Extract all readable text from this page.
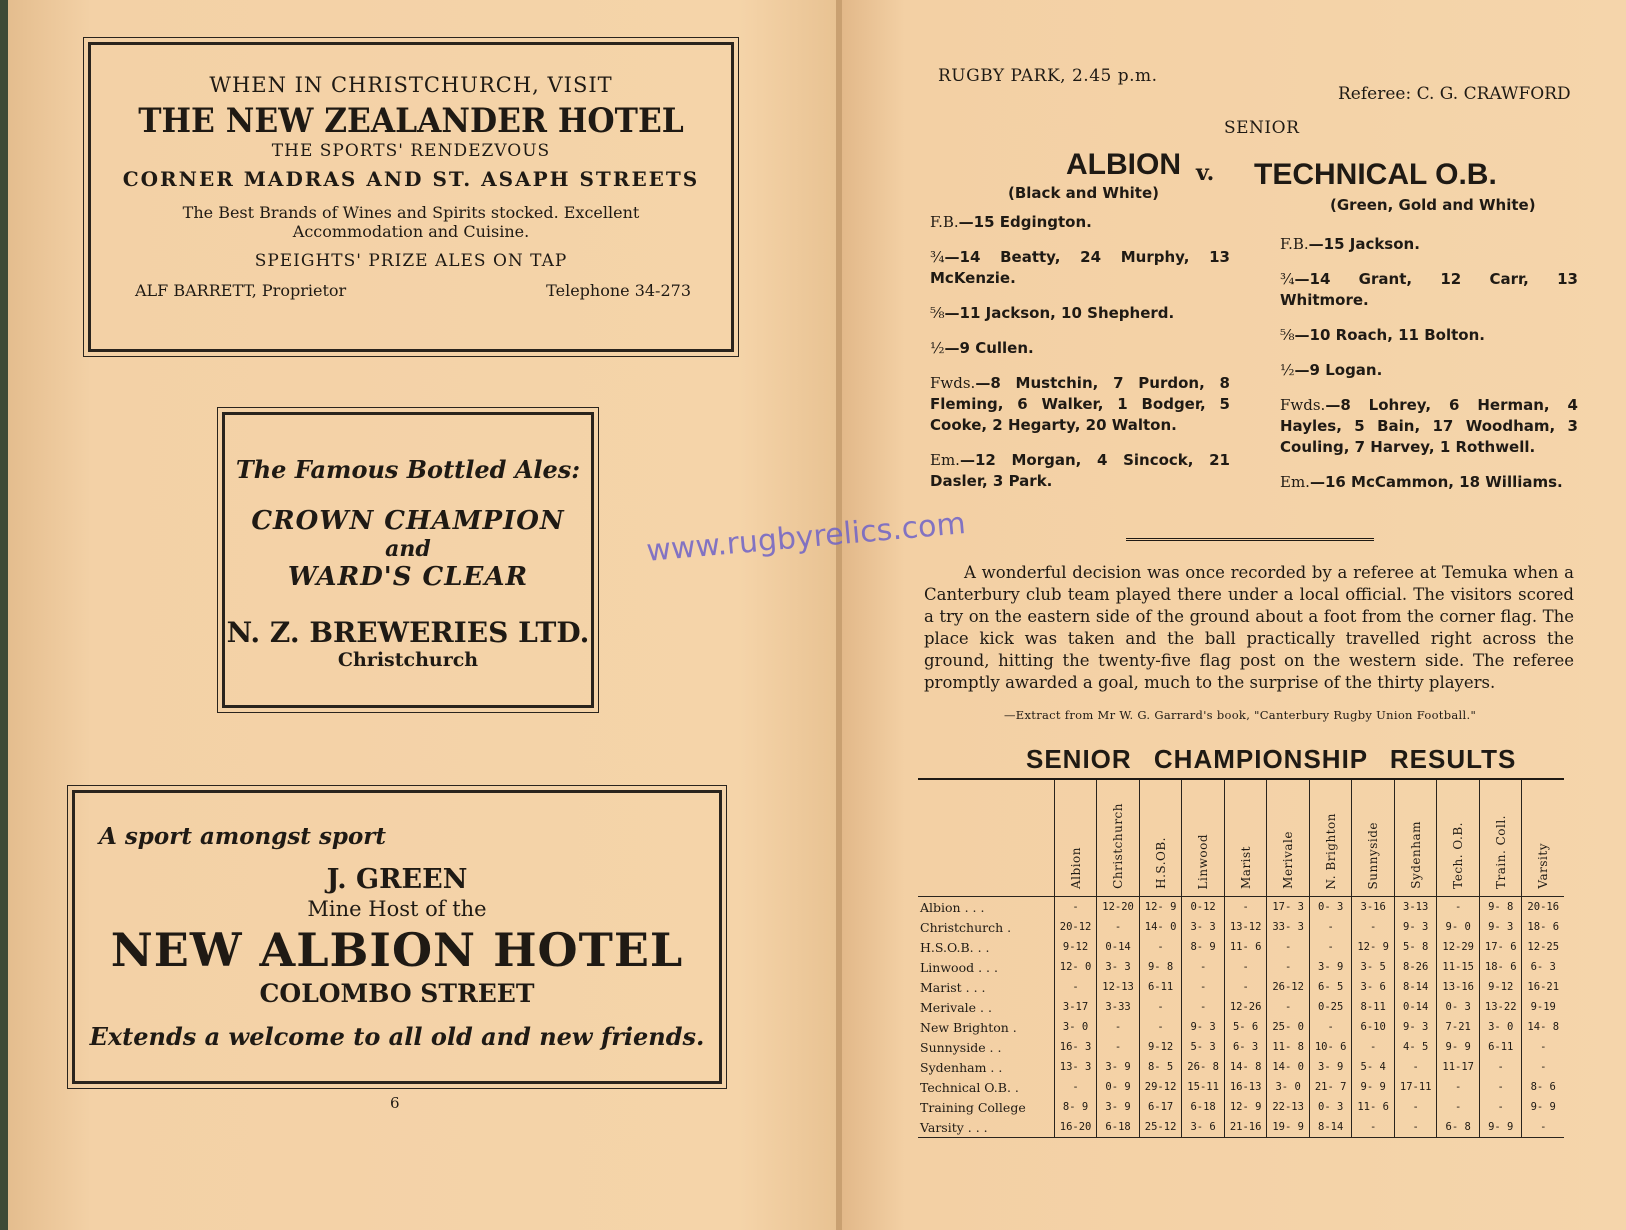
WHEN IN CHRISTCHURCH, VISIT
THE NEW ZEALANDER HOTEL
THE SPORTS' RENDEZVOUS
CORNER MADRAS AND ST. ASAPH STREETS
The Best Brands of Wines and Spirits stocked. Excellent Accommodation and Cuisine.
SPEIGHTS' PRIZE ALES ON TAP
ALF BARRETT, Proprietor	Telephone 34-273
The Famous Bottled Ales:
CROWN CHAMPION
and
WARD'S CLEAR
N. Z. BREWERIES LTD.
Christchurch
A sport amongst sport
J. GREEN
Mine Host of the
NEW ALBION HOTEL
COLOMBO STREET
Extends a welcome to all old and new friends.
6
www.rugbyrelics.com
RUGBY PARK, 2.45 p.m.
Referee: C. G. CRAWFORD
SENIOR
ALBION v. TECHNICAL O.B.
(Black and White)
(Green, Gold and White)
F.B.—15 Edgington.
¾—14 Beatty, 24 Murphy, 13 McKenzie.
⅝—11 Jackson, 10 Shepherd.
½—9 Cullen.
Fwds.—8 Mustchin, 7 Purdon, 8 Fleming, 6 Walker, 1 Bodger, 5 Cooke, 2 Hegarty, 20 Walton.
Em.—12 Morgan, 4 Sincock, 21 Dasler, 3 Park.
F.B.—15 Jackson.
¾—14 Grant, 12 Carr, 13 Whitmore.
⅝—10 Roach, 11 Bolton.
½—9 Logan.
Fwds.—8 Lohrey, 6 Herman, 4 Hayles, 5 Bain, 17 Woodham, 3 Couling, 7 Harvey, 1 Rothwell.
Em.—16 McCammon, 18 Williams.
A wonderful decision was once recorded by a referee at Temuka when a Canterbury club team played there under a local official. The visitors scored a try on the eastern side of the ground about a foot from the corner flag. The place kick was taken and the ball practically travelled right across the ground, hitting the twenty-five flag post on the western side. The referee promptly awarded a goal, much to the surprise of the thirty players.
—Extract from Mr W. G. Garrard's book, "Canterbury Rugby Union Football."
SENIOR CHAMPIONSHIP RESULTS
	Albion	Christchurch	H.S.OB.	Linwood	Marist	Merivale	N. Brighton	Sunnyside	Sydenham	Tech. O.B.	Train. Coll.	Varsity
Albion . . .	-	12-20	12- 9	0-12	-	17- 3	0- 3	3-16	3-13	-	9- 8	20-16
Christchurch .	20-12	-	14- 0	3- 3	13-12	33- 3	-	-	9- 3	9- 0	9- 3	18- 6
H.S.O.B. . .	9-12	0-14	-	8- 9	11- 6	-	-	12- 9	5- 8	12-29	17- 6	12-25
Linwood . . .	12- 0	3- 3	9- 8	-	-	-	3- 9	3- 5	8-26	11-15	18- 6	6- 3
Marist . . .	-	12-13	6-11	-	-	26-12	6- 5	3- 6	8-14	13-16	9-12	16-21
Merivale . .	3-17	3-33	-	-	12-26	-	0-25	8-11	0-14	0- 3	13-22	9-19
New Brighton .	3- 0	-	-	9- 3	5- 6	25- 0	-	6-10	9- 3	7-21	3- 0	14- 8
Sunnyside . .	16- 3	-	9-12	5- 3	6- 3	11- 8	10- 6	-	4- 5	9- 9	6-11	-
Sydenham . .	13- 3	3- 9	8- 5	26- 8	14- 8	14- 0	3- 9	5- 4	-	11-17	-	-
Technical O.B. .	-	0- 9	29-12	15-11	16-13	3- 0	21- 7	9- 9	17-11	-	-	8- 6
Training College	8- 9	3- 9	6-17	6-18	12- 9	22-13	0- 3	11- 6	-	-	-	9- 9
Varsity . . .	16-20	6-18	25-12	3- 6	21-16	19- 9	8-14	-	-	6- 8	9- 9	-
